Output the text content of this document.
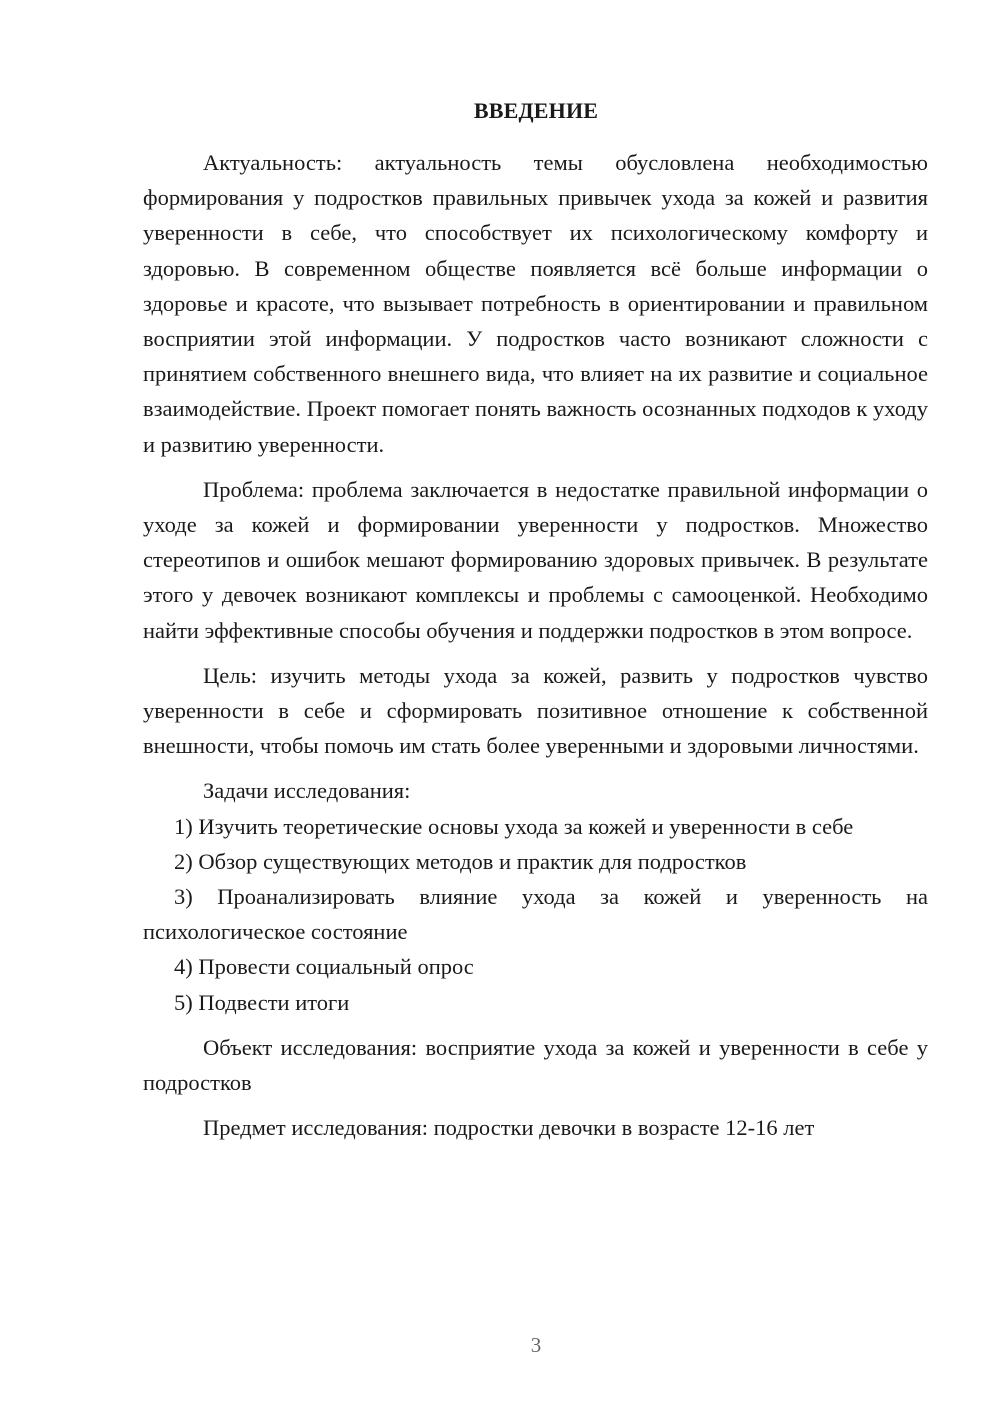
ВВЕДЕНИЕ

Актуальность: актуальность темы обусловлена необходимостью формирования у подростков правильных привычек ухода за кожей и развития уверенности в себе, что способствует их психологическому комфорту и здоровью. В современном обществе появляется всё больше информации о здоровье и красоте, что вызывает потребность в ориентировании и правильном восприятии этой информации. У подростков часто возникают сложности с принятием собственного внешнего вида, что влияет на их развитие и социальное взаимодействие. Проект помогает понять важность осознанных подходов к уходу и развитию уверенности.

Проблема: проблема заключается в недостатке правильной информации о уходе за кожей и формировании уверенности у подростков. Множество стереотипов и ошибок мешают формированию здоровых привычек. В результате этого у девочек возникают комплексы и проблемы с самооценкой. Необходимо найти эффективные способы обучения и поддержки подростков в этом вопросе.

Цель: изучить методы ухода за кожей, развить у подростков чувство уверенности в себе и сформировать позитивное отношение к собственной внешности, чтобы помочь им стать более уверенными и здоровыми личностями.

Задачи исследования:

1) Изучить теоретические основы ухода за кожей и уверенности в себе

2) Обзор существующих методов и практик для подростков

3) Проанализировать влияние ухода за кожей и уверенность на психологическое состояние

4) Провести социальный опрос

5) Подвести итоги

Объект исследования: восприятие ухода за кожей и уверенности в себе у подростков

Предмет исследования: подростки девочки в возрасте 12-16 лет

3
